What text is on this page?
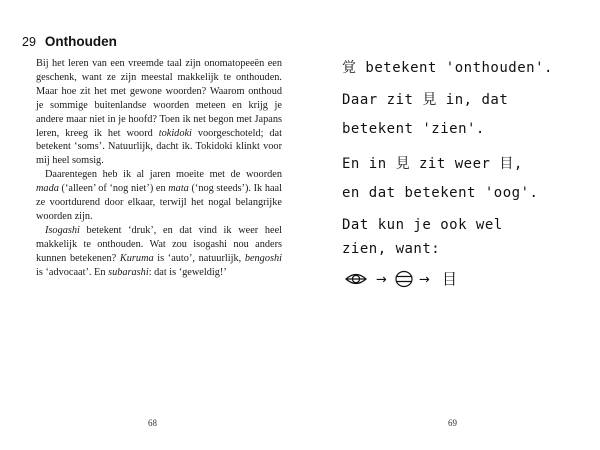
29 Onthouden

Bij het leren van een vreemde taal zijn onomatopeeën een geschenk, want ze zijn meestal makkelijk te onthouden. Maar hoe zit het met gewone woorden? Waarom onthoud je sommige buitenlandse woorden meteen en krijg je andere maar niet in je hoofd? Toen ik net begon met Japans leren, kreeg ik het woord tokidoki voorgeschoteld; dat betekent ‘soms’. Natuurlijk, dacht ik. Tokidoki klinkt voor mij heel somsig.

Daarentegen heb ik al jaren moeite met de woorden mada (‘alleen’ of ‘nog niet’) en mata (‘nog steeds’). Ik haal ze voortdurend door elkaar, terwijl het nogal belangrijke woorden zijn.

Isogashi betekent ‘druk’, en dat vind ik weer heel makkelijk te onthouden. Wat zou isogashi nou anders kunnen betekenen? Kuruma is ‘auto’, natuurlijk, bengoshi is ‘advocaat’. En subarashi: dat is ‘geweldig!’

68
覚 betekent 'onthouden'.
Daar zit 見 in, dat
betekent 'zien'.
En in 見 zit weer 目,
en dat betekent 'oog'.
Dat kun je ook wel
zien, want:
→ → 目
69
